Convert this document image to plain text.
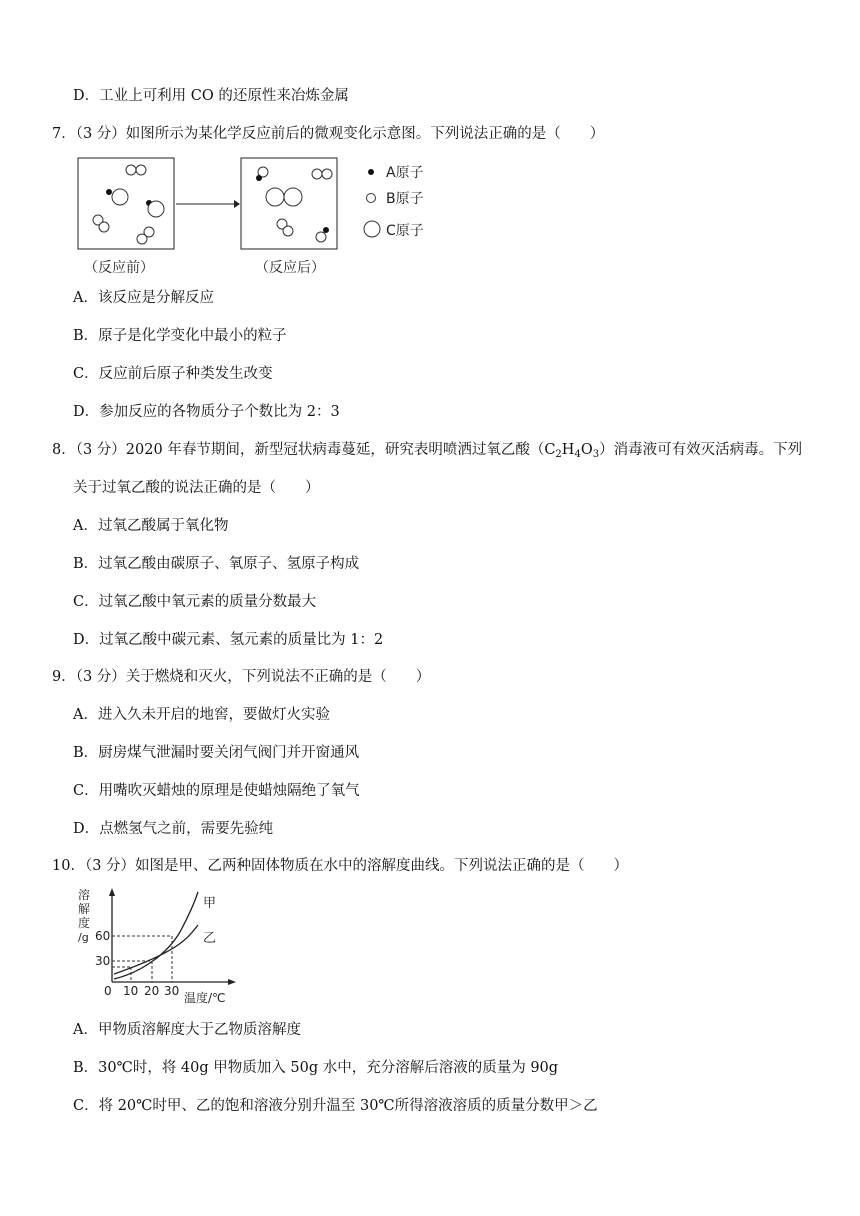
D．工业上可利用 CO 的还原性来冶炼金属
7．（3 分）如图所示为某化学反应前后的微观变化示意图。下列说法正确的是（　　）
（反应前）	（反应后）
A原子
B原子
C原子
A．该反应是分解反应
B．原子是化学变化中最小的粒子
C．反应前后原子种类发生改变
D．参加反应的各物质分子个数比为 2：3
8．（3 分）2020 年春节期间，新型冠状病毒蔓延，研究表明喷洒过氧乙酸$(C_2H_4O_3)$消毒液可有效灭活病毒。下列
关于过氧乙酸的说法正确的是（　　）
A．过氧乙酸属于氧化物
B．过氧乙酸由碳原子、氧原子、氢原子构成
C．过氧乙酸中氧元素的质量分数最大
D．过氧乙酸中碳元素、氢元素的质量比为 1：2
9．（3 分）关于燃烧和灭火，下列说法不正确的是（　　）
A．进入久未开启的地窖，要做灯火实验
B．厨房煤气泄漏时要关闭气阀门并开窗通风
C．用嘴吹灭蜡烛的原理是使蜡烛隔绝了氧气
D．点燃氢气之前，需要先验纯
10．（3 分）如图是甲、乙两种固体物质在水中的溶解度曲线。下列说法正确的是（　　）
溶
解
度
/g
0
30
60
10 20 30 温度/℃
甲
乙
A．甲物质溶解度大于乙物质溶解度
B．30℃时，将 40g 甲物质加入 50g 水中，充分溶解后溶液的质量为 90g
C．将 20℃时甲、乙的饱和溶液分别升温至 30℃所得溶液溶质的质量分数甲＞乙
